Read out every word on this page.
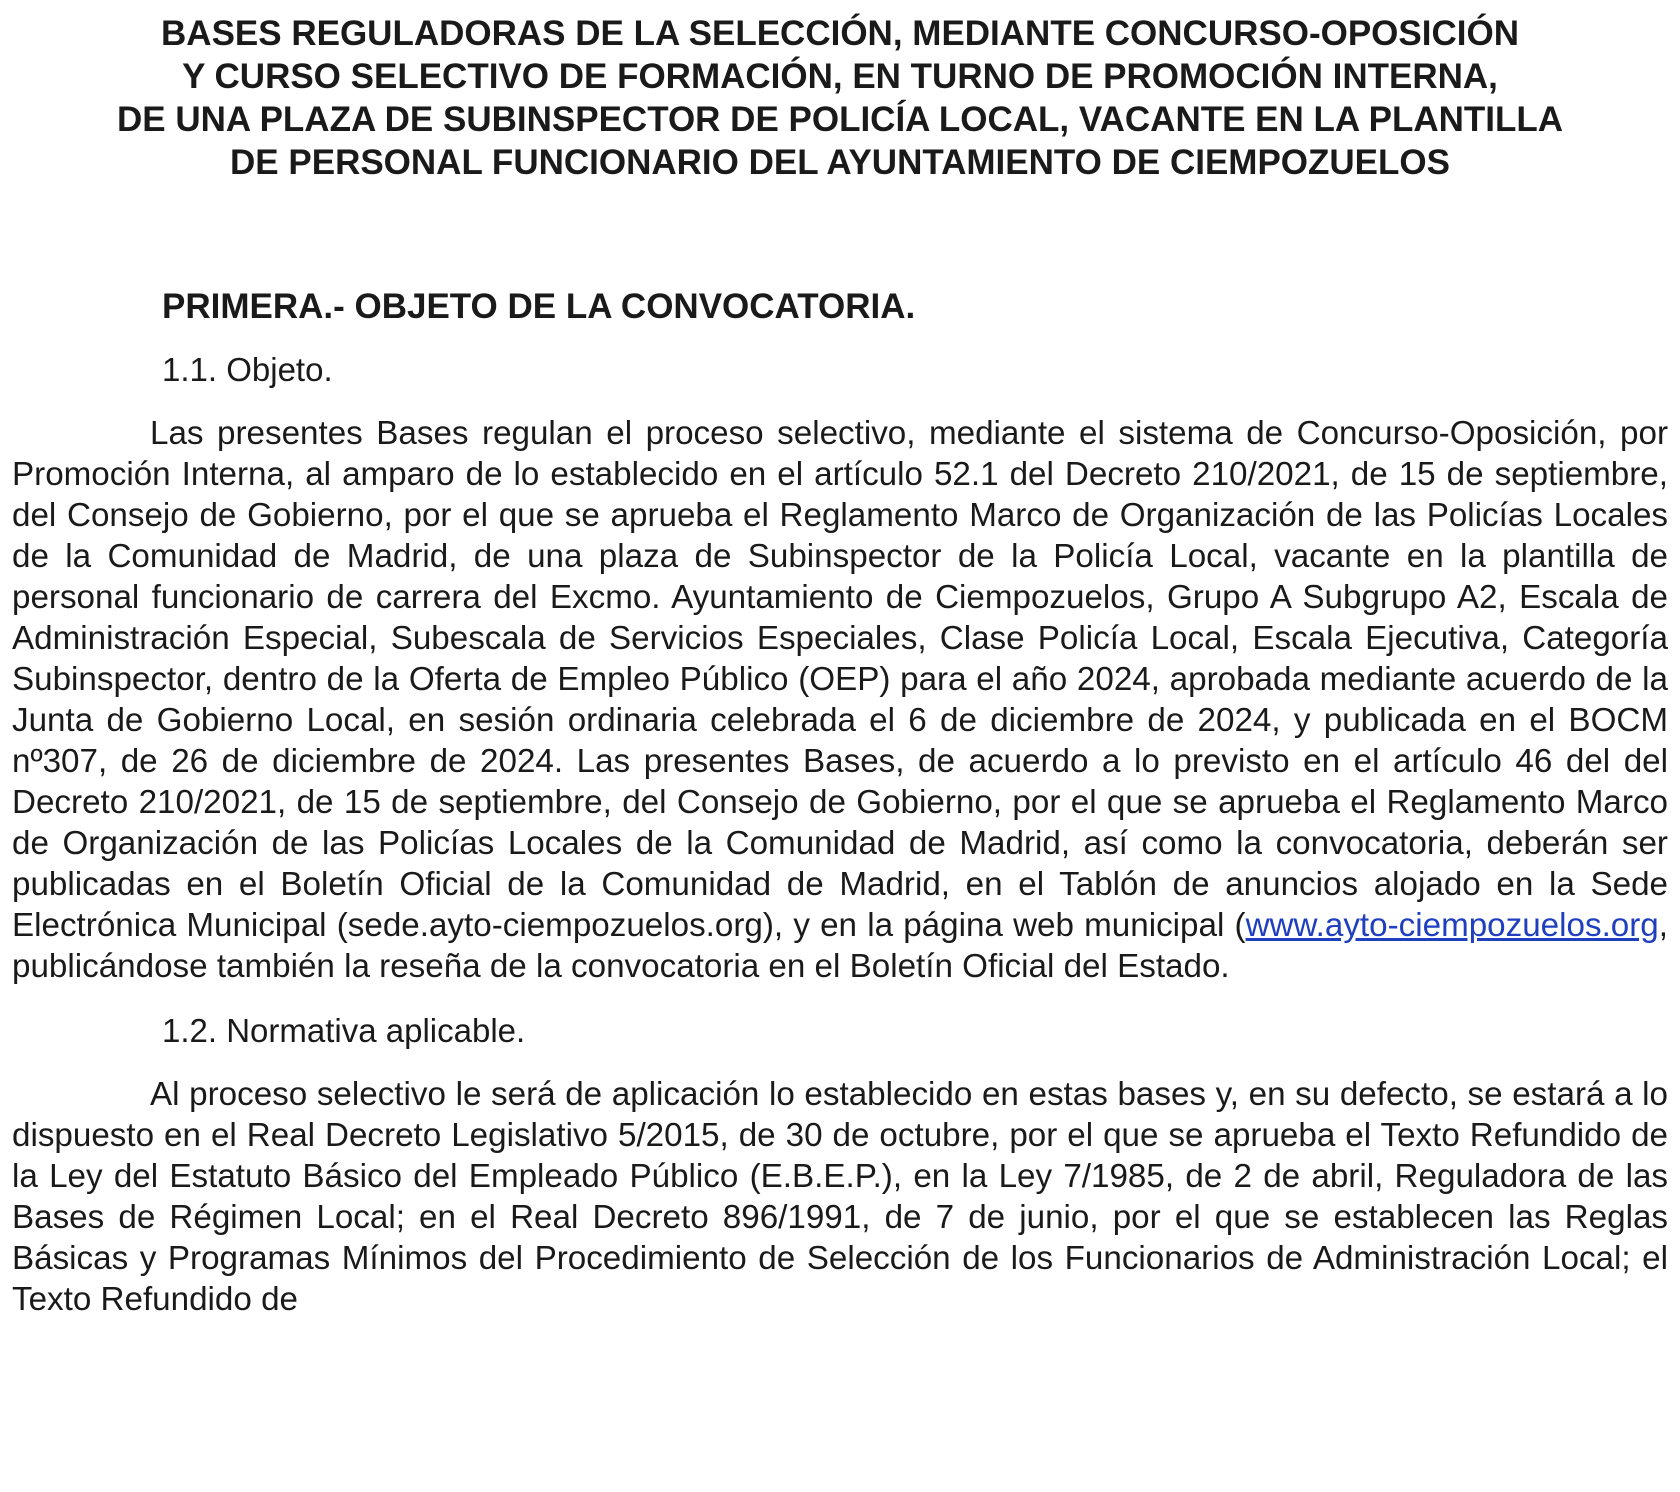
BASES REGULADORAS DE LA SELECCIÓN, MEDIANTE CONCURSO-OPOSICIÓN
Y CURSO SELECTIVO DE FORMACIÓN, EN TURNO DE PROMOCIÓN INTERNA,
DE UNA PLAZA DE SUBINSPECTOR DE POLICÍA LOCAL, VACANTE EN LA PLANTILLA
DE PERSONAL FUNCIONARIO DEL AYUNTAMIENTO DE CIEMPOZUELOS
PRIMERA.- OBJETO DE LA CONVOCATORIA.
1.1. Objeto.

Las presentes Bases regulan el proceso selectivo, mediante el sistema de Concurso-Oposición, por Promoción Interna, al amparo de lo establecido en el artículo 52.1 del Decreto 210/2021, de 15 de septiembre, del Consejo de Gobierno, por el que se aprueba el Reglamento Marco de Organización de las Policías Locales de la Comunidad de Madrid, de una plaza de Subinspector de la Policía Local, vacante en la plantilla de personal funcionario de carrera del Excmo. Ayuntamiento de Ciempozuelos, Grupo A Subgrupo A2, Escala de Administración Especial, Subescala de Servicios Especiales, Clase Policía Local, Escala Ejecutiva, Categoría Subinspector, dentro de la Oferta de Empleo Público (OEP) para el año 2024, aprobada mediante acuerdo de la Junta de Gobierno Local, en sesión ordinaria celebrada el 6 de diciembre de 2024, y publicada en el BOCM nº307, de 26 de diciembre de 2024. Las presentes Bases, de acuerdo a lo previsto en el artículo 46 del del Decreto 210/2021, de 15 de septiembre, del Consejo de Gobierno, por el que se aprueba el Reglamento Marco de Organización de las Policías Locales de la Comunidad de Madrid, así como la convocatoria, deberán ser publicadas en el Boletín Oficial de la Comunidad de Madrid, en el Tablón de anuncios alojado en la Sede Electrónica Municipal (sede.ayto-ciempozuelos.org), y en la página web municipal (www.ayto-ciempozuelos.org, publicándose también la reseña de la convocatoria en el Boletín Oficial del Estado.

1.2. Normativa aplicable.

Al proceso selectivo le será de aplicación lo establecido en estas bases y, en su defecto, se estará a lo dispuesto en el Real Decreto Legislativo 5/2015, de 30 de octubre, por el que se aprueba el Texto Refundido de la Ley del Estatuto Básico del Empleado Público (E.B.E.P.), en la Ley 7/1985, de 2 de abril, Reguladora de las Bases de Régimen Local; en el Real Decreto 896/1991, de 7 de junio, por el que se establecen las Reglas Básicas y Programas Mínimos del Procedimiento de Selección de los Funcionarios de Administración Local; el Texto Refundido de
